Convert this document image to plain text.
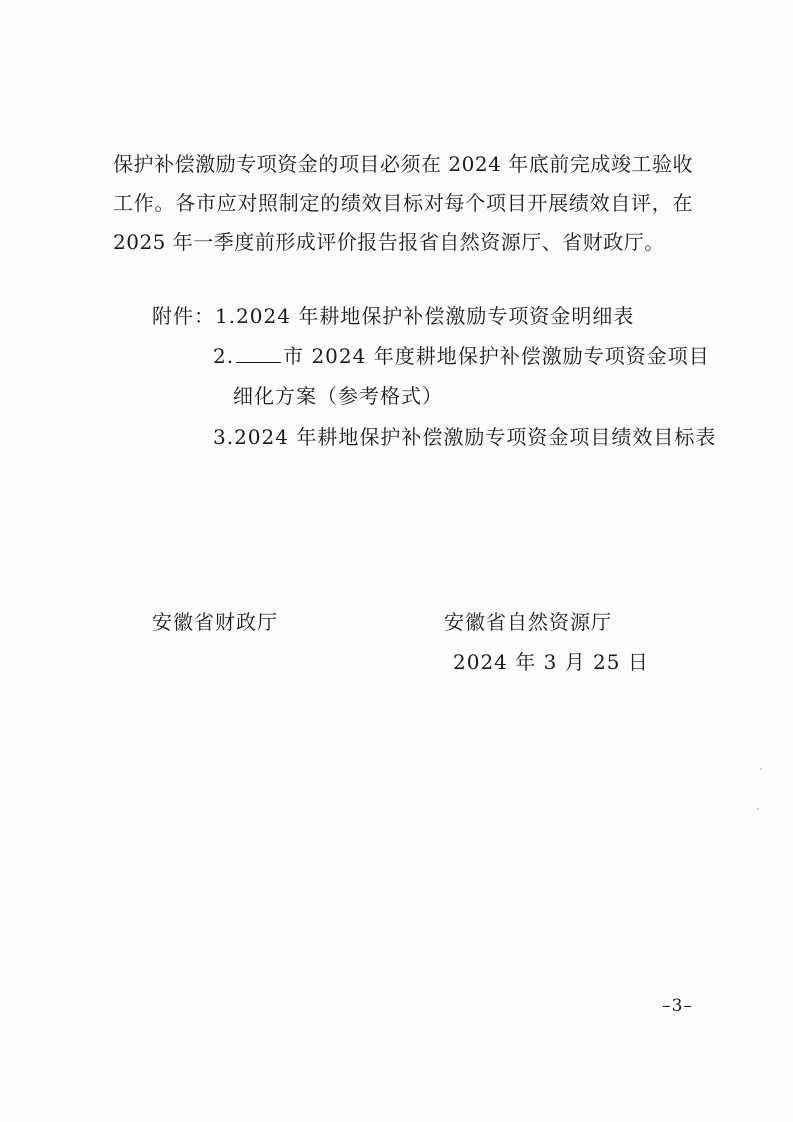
保护补偿激励专项资金的项目必须在 2024 年底前完成竣工验收
工作。各市应对照制定的绩效目标对每个项目开展绩效自评，在
2025 年一季度前形成评价报告报省自然资源厅、省财政厅。
附件：1.2024 年耕地保护补偿激励专项资金明细表
2. 市 2024 年度耕地保护补偿激励专项资金项目
细化方案（参考格式）
3.2024 年耕地保护补偿激励专项资金项目绩效目标表
安徽省财政厅	安徽省自然资源厅
2024 年 3 月 25 日
–3–
